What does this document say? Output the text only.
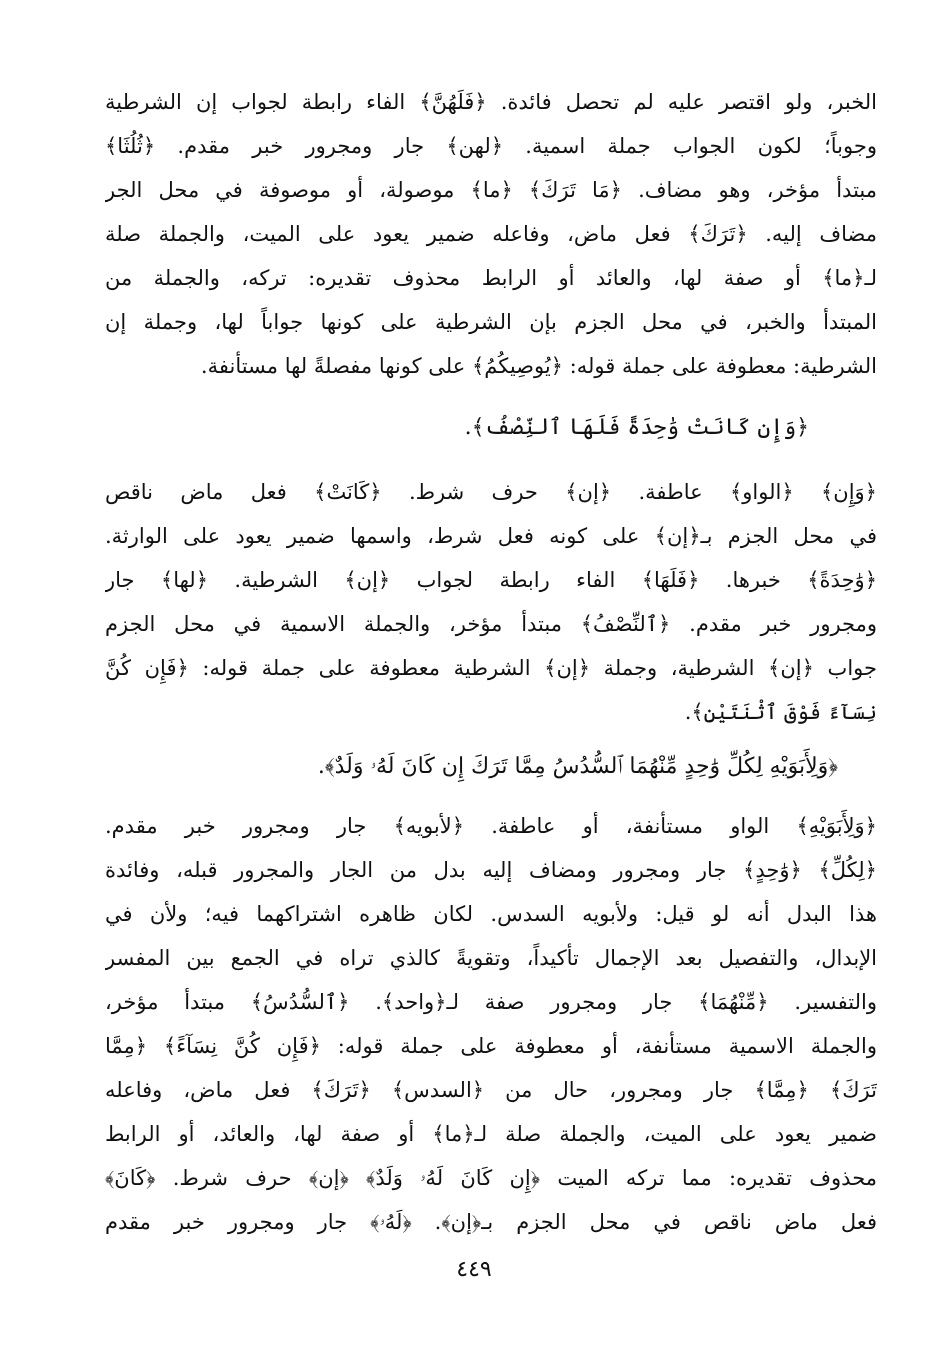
الخبر، ولو اقتصر عليه لم تحصل فائدة. ﴿فَلَهُنَّ﴾ الفاء رابطة لجواب إن الشرطية
وجوباً؛ لكون الجواب جملة اسمية. ﴿لهن﴾ جار ومجرور خبر مقدم. ﴿ثُلُثَا﴾
مبتدأ مؤخر، وهو مضاف. ﴿مَا تَرَكَ﴾ ﴿ما﴾ موصولة، أو موصوفة في محل الجر
مضاف إليه. ﴿تَرَكَ﴾ فعل ماض، وفاعله ضمير يعود على الميت، والجملة صلة
لـ﴿ما﴾ أو صفة لها، والعائد أو الرابط محذوف تقديره: تركه، والجملة من
المبتدأ والخبر، في محل الجزم بإن الشرطية على كونها جواباً لها، وجملة إن
الشرطية: معطوفة على جملة قوله: ﴿يُوصِيكُمُ﴾ على كونها مفصلةً لها مستأنفة.
﴿وَإِن كَانَتْ وَٰحِدَةً فَلَهَا ٱلنِّصْفُ﴾.
﴿وَإِن﴾ ﴿الواو﴾ عاطفة. ﴿إن﴾ حرف شرط. ﴿كَانَتْ﴾ فعل ماض ناقص
في محل الجزم بـ﴿إن﴾ على كونه فعل شرط، واسمها ضمير يعود على الوارثة.
﴿وَٰحِدَةً﴾ خبرها. ﴿فَلَهَا﴾ الفاء رابطة لجواب ﴿إن﴾ الشرطية. ﴿لها﴾ جار
ومجرور خبر مقدم. ﴿ٱلنِّصْفُ﴾ مبتدأ مؤخر، والجملة الاسمية في محل الجزم
جواب ﴿إن﴾ الشرطية، وجملة ﴿إن﴾ الشرطية معطوفة على جملة قوله: ﴿فَإِن كُنَّ
نِسَآءً فَوْقَ ٱثْنَتَيْنِ﴾.
﴿وَلِأَبَوَيْهِ لِكُلِّ وَٰحِدٍ مِّنْهُمَا ٱلسُّدُسُ مِمَّا تَرَكَ إِن كَانَ لَهُۥ وَلَدٌ﴾.
﴿وَلِأَبَوَيْهِ﴾ الواو مستأنفة، أو عاطفة. ﴿لأبويه﴾ جار ومجرور خبر مقدم.
﴿لِكُلِّ﴾ ﴿وَٰحِدٍ﴾ جار ومجرور ومضاف إليه بدل من الجار والمجرور قبله، وفائدة
هذا البدل أنه لو قيل: ولأبويه السدس. لكان ظاهره اشتراكهما فيه؛ ولأن في
الإبدال، والتفصيل بعد الإجمال تأكيداً، وتقويةً كالذي تراه في الجمع بين المفسر
والتفسير. ﴿مِّنْهُمَا﴾ جار ومجرور صفة لـ﴿واحد﴾. ﴿ٱلسُّدُسُ﴾ مبتدأ مؤخر،
والجملة الاسمية مستأنفة، أو معطوفة على جملة قوله: ﴿فَإِن كُنَّ نِسَآءً﴾ ﴿مِمَّا
تَرَكَ﴾ ﴿مِمَّا﴾ جار ومجرور، حال من ﴿السدس﴾ ﴿تَرَكَ﴾ فعل ماض، وفاعله
ضمير يعود على الميت، والجملة صلة لـ﴿ما﴾ أو صفة لها، والعائد، أو الرابط
محذوف تقديره: مما تركه الميت ﴿إِن كَانَ لَهُۥ وَلَدٌ﴾ ﴿إن﴾ حرف شرط. ﴿كَانَ﴾
فعل ماض ناقص في محل الجزم بـ﴿إن﴾. ﴿لَهُۥ﴾ جار ومجرور خبر مقدم
٤٤٩
